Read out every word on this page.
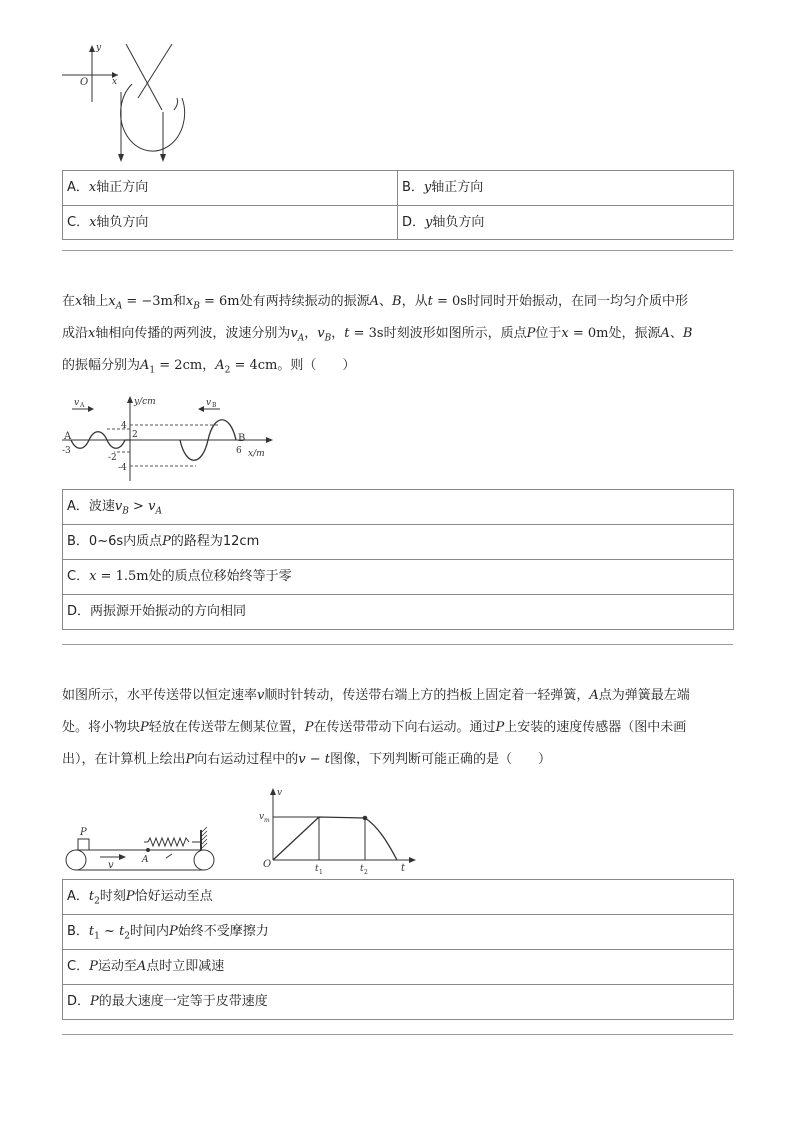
y
x
O
A．x轴正方向	B．y轴正方向
C．x轴负方向	D．y轴负方向
在x轴上$x_A = -3m$和$x_B = 6m$处有两持续振动的振源A、B，从t = 0s时同时开始振动，在同一均匀介质中形
成沿x轴相向传播的两列波，波速分别为$v_A$，$v_B$，t = 3s时刻波形如图所示，质点P位于x = 0m处，振源A、B
的振幅分别为$A_1 = 2cm$，$A_2 = 4cm$。则（　　）
v A	v B
y/cm
x/m
4
2
-2
-4
-3	6
A	B
A．波速$v_B > v_A$
B．0~6s内质点P的路程为12cm
C．x = 1.5m处的质点位移始终等于零
D．两振源开始振动的方向相同
如图所示，水平传送带以恒定速率v顺时针转动，传送带右端上方的挡板上固定着一轻弹簧，A点为弹簧最左端
处。将小物块P轻放在传送带左侧某位置，P在传送带带动下向右运动。通过P上安装的速度传感器（图中未画
出），在计算机上绘出P向右运动过程中的v − t图像，下列判断可能正确的是（　　）
P
v	A
v
t
O
v m
t 1	t 2
A．$t_2$时刻P恰好运动至点
B．$t_1$ ~ $t_2$时间内P始终不受摩擦力
C．P运动至A点时立即减速
D．P的最大速度一定等于皮带速度
